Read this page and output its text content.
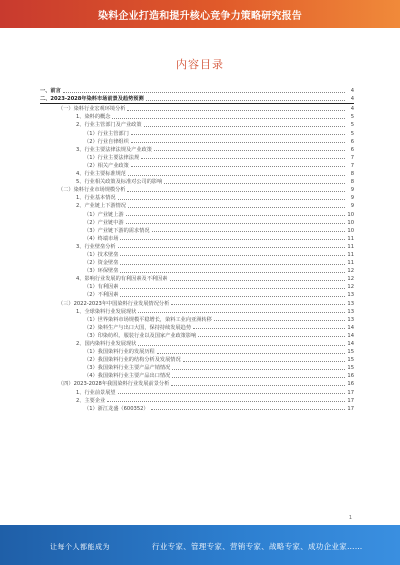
染料企业打造和提升核心竞争力策略研究报告
内容目录
一、前言	4
二、2023-2028年染料市场前景及趋势预测	4
（一）染料行业宏观环境分析	4
1、染料的概念	5
2、行业主管部门及产业政策	5
（1）行业主管部门	5
（2）行业自律组织	6
3、行业主要法律法规及产业政策	6
（1）行业主要法律法规	7
（2）相关产业政策	7
4、行业主要标准规范	8
5、行业相关政策及标准对公司的影响	8
（二）染料行业市场规模分析	9
1、行业基本情况	9
2、产业链上下游情况	9
（1）产业链上游	10
（2）产业链中游	10
（3）产业链下游的需求情况	10
（4）终端市场	11
3、行业壁垒分析	11
（1）技术壁垒	11
（2）资金壁垒	11
（3）环保壁垒	12
4、影响行业发展的有利因素及不利因素	12
（1）有利因素	12
（2）不利因素	13
（三）2022-2023年中国染料行业发展情况分析	13
1、全球染料行业发展现状	13
（1）世界染料市场规模平稳增长，染料工业向亚洲转移	13
（2）染料生产与出口大国，保持持续发展趋势	14
（3）印染纺织、服装行业以及国家产业政策影响	14
2、国内染料行业发展现状	14
（1）我国染料行业的发展历程	15
（2）我国染料行业的结构分析及发展情况	15
（3）我国染料行业主要产品产销情况	15
（4）我国染料行业主要产品出口情况	16
（四）2023-2028年我国染料行业发展前景分析	16
1、行业前景展望	17
2、主要企业	17
（1）浙江龙盛（600352）	17
1
让每个人都能成为	行业专家、管理专家、营销专家、战略专家、成功企业家……
